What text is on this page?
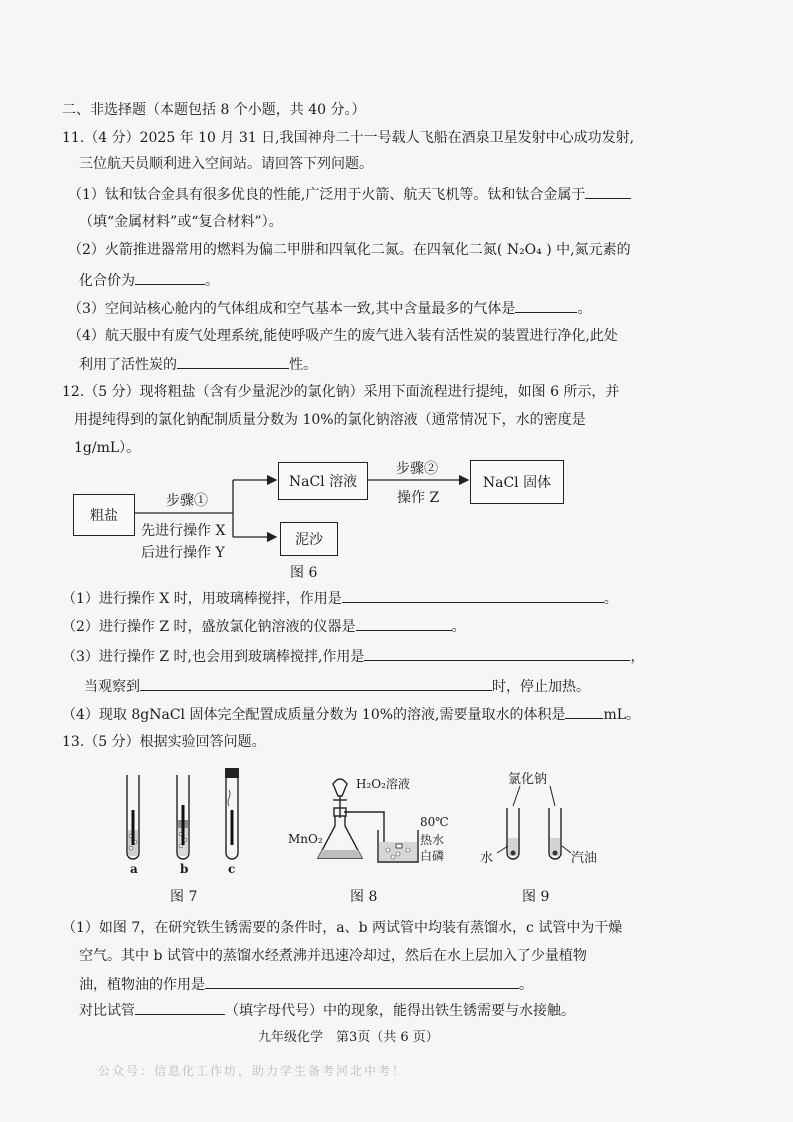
二、非选择题（本题包括 8 个小题，共 40 分。）
11.（4 分）2025 年 10 月 31 日,我国神舟二十一号载人飞船在酒泉卫星发射中心成功发射,
三位航天员顺利进入空间站。请回答下列问题。
（1）钛和钛合金具有很多优良的性能,广泛用于火箭、航天飞机等。钛和钛合金属于
（填“金属材料”或“复合材料”）。
（2）火箭推进器常用的燃料为偏二甲肼和四氧化二氮。在四氧化二氮( N₂O₄ ) 中,氮元素的
化合价为	。
（3）空间站核心舱内的气体组成和空气基本一致,其中含量最多的气体是	。
（4）航天服中有废气处理系统,能使呼吸产生的废气进入装有活性炭的装置进行净化,此处
利用了活性炭的	性。
12.（5 分）现将粗盐（含有少量泥沙的氯化钠）采用下面流程进行提纯，如图 6 所示，并
用提纯得到的氯化钠配制质量分数为 10%的氯化钠溶液（通常情况下，水的密度是
1g/mL）。
粗盐
NaCl 溶液	NaCl 固体
泥沙
步骤①
先进行操作 X
后进行操作 Y
步骤②
操作 Z
图 6
（1）进行操作 X 时，用玻璃棒搅拌，作用是	。
（2）进行操作 Z 时，盛放氯化钠溶液的仪器是	。
（3）进行操作 Z 时,也会用到玻璃棒搅拌,作用是	，
当观察到	时，停止加热。
（4）现取 8gNaCl 固体完全配置成质量分数为 10%的溶液,需要量取水的体积是	mL。
13.（5 分）根据实验回答问题。
a	b	c
图 7
H₂O₂溶液
80℃
热水
白磷
MnO₂
图 8
氯化钠
水	汽油
图 9
（1）如图 7，在研究铁生锈需要的条件时，a、b 两试管中均装有蒸馏水，c 试管中为干燥
空气。其中 b 试管中的蒸馏水经煮沸并迅速冷却过，然后在水上层加入了少量植物
油，植物油的作用是	。
对比试管	（填字母代号）中的现象，能得出铁生锈需要与水接触。
九年级化学　第3页（共 6 页）
公众号：信息化工作坊，助力学生备考河北中考！
